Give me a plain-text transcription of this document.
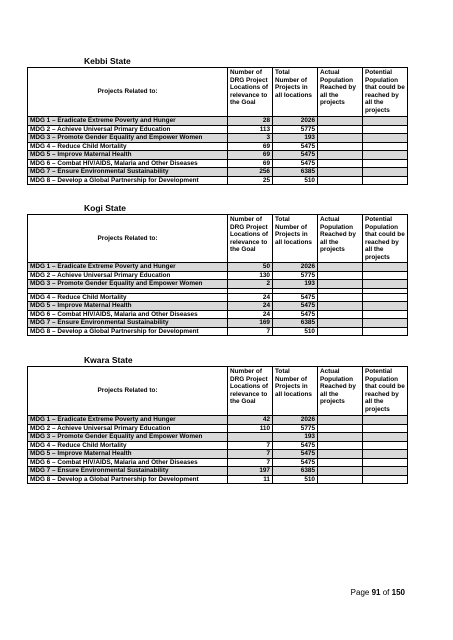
Kebbi State
Projects Related to:	Number of DRG Project Locations of relevance to the Goal	Total Number of Projects in all locations	Actual Population Reached by all the projects	Potential Population that could be reached by all the projects
MDG 1 – Eradicate Extreme Poverty and Hunger	28	2026		
MDG 2 – Achieve Universal Primary Education	113	5775		
MDG 3 – Promote Gender Equality and Empower Women	3	193		
MDG 4 – Reduce Child Mortality	69	5475		
MDG 5 – Improve Maternal Health	69	5475		
MDG 6 – Combat HIV/AIDS, Malaria and Other Diseases	69	5475		
MDG 7 – Ensure Environmental Sustainability	256	6385		
MDG 8 – Develop a Global Partnership for Development	25	510		
Kogi State
Projects Related to:	Number of DRG Project Locations of relevance to the Goal	Total Number of Projects in all locations	Actual Population Reached by all the projects	Potential Population that could be reached by all the projects
MDG 1 – Eradicate Extreme Poverty and Hunger	50	2026		
MDG 2 – Achieve Universal Primary Education	130	5775		
MDG 3 – Promote Gender Equality and Empower Women	2	193		

MDG 4 – Reduce Child Mortality	24	5475		
MDG 5 – Improve Maternal Health	24	5475		
MDG 6 – Combat HIV/AIDS, Malaria and Other Diseases	24	5475		
MDG 7 – Ensure Environmental Sustainability	169	6385		
MDG 8 – Develop a Global Partnership for Development	7	510		
Kwara State
Projects Related to:	Number of DRG Project Locations of relevance to the Goal	Total Number of Projects in all locations	Actual Population Reached by all the projects	Potential Population that could be reached by all the projects
MDG 1 – Eradicate Extreme Poverty and Hunger	42	2026		
MDG 2 – Achieve Universal Primary Education	110	5775		
MDG 3 – Promote Gender Equality and Empower Women		193		
MDG 4 – Reduce Child Mortality	7	5475		
MDG 5 – Improve Maternal Health	7	5475		
MDG 6 – Combat HIV/AIDS, Malaria and Other Diseases	7	5475		
MDG 7 – Ensure Environmental Sustainability	197	6385		
MDG 8 – Develop a Global Partnership for Development	11	510		
Page 91 of 150
